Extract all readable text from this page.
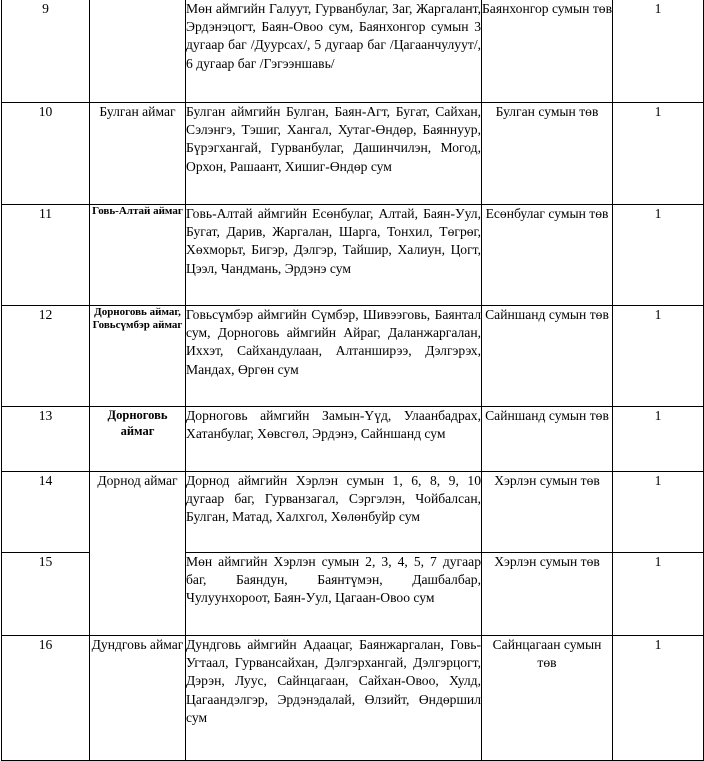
9		Мөн аймгийн Галуут, Гурванбулаг, Заг, Жаргалант, Эрдэнэцогт, Баян-Овоо сум, Баянхонгор сумын 3 дугаар баг /Дуурсах/, 5 дугаар баг /Цагаанчулуут/, 6 дугаар баг /Гэгээншавь/	Баянхонгор сумын төв	1
10	Булган аймаг	Булган аймгийн Булган, Баян-Агт, Бугат, Сайхан, Сэлэнгэ, Тэшиг, Хангал, Хутаг-Өндөр, Баяннуур, Бүрэгхангай, Гурванбулаг, Дашинчилэн, Могод, Орхон, Рашаант, Хишиг-Өндөр сум	Булган сумын төв	1
11	Говь-Алтай аймаг	Говь-Алтай аймгийн Есөнбулаг, Алтай, Баян-Уул, Бугат, Дарив, Жаргалан, Шарга, Тонхил, Төгрөг, Хөхморьт, Бигэр, Дэлгэр, Тайшир, Халиун, Цогт, Цээл, Чандмань, Эрдэнэ сум	Есөнбулаг сумын төв	1
12	Дорноговь аймаг, Говьсүмбэр аймаг	Говьсүмбэр аймгийн Сүмбэр, Шивээговь, Баянтал сум, Дорноговь аймгийн Айраг, Даланжаргалан, Иххэт, Сайхандулаан, Алтанширээ, Дэлгэрэх, Мандах, Өргөн сум	Сайншанд сумын төв	1
13	Дорноговь аймаг	Дорноговь аймгийн Замын-Үүд, Улаанбадрах, Хатанбулаг, Хөвсгөл, Эрдэнэ, Сайншанд сум	Сайншанд сумын төв	1
14	Дорнод аймаг	Дорнод аймгийн Хэрлэн сумын 1, 6, 8, 9, 10 дугаар баг, Гурванзагал, Сэргэлэн, Чойбалсан, Булган, Матад, Халхгол, Хөлөнбуйр сум	Хэрлэн сумын төв	1
15		Мөн аймгийн Хэрлэн сумын 2, 3, 4, 5, 7 дугаар баг, Баяндун, Баянтүмэн, Дашбалбар, Чулуунхороот, Баян-Уул, Цагаан-Овоо сум	Хэрлэн сумын төв	1
16	Дундговь аймаг	Дундговь аймгийн Адаацаг, Баянжаргалан, Говь-Угтаал, Гурвансайхан, Дэлгэрхангай, Дэлгэрцогт, Дэрэн, Луус, Сайнцагаан, Сайхан-Овоо, Хулд, Цагаандэлгэр, Эрдэнэдалай, Өлзийт, Өндөршил сум	Сайнцагаан сумын төв	1
